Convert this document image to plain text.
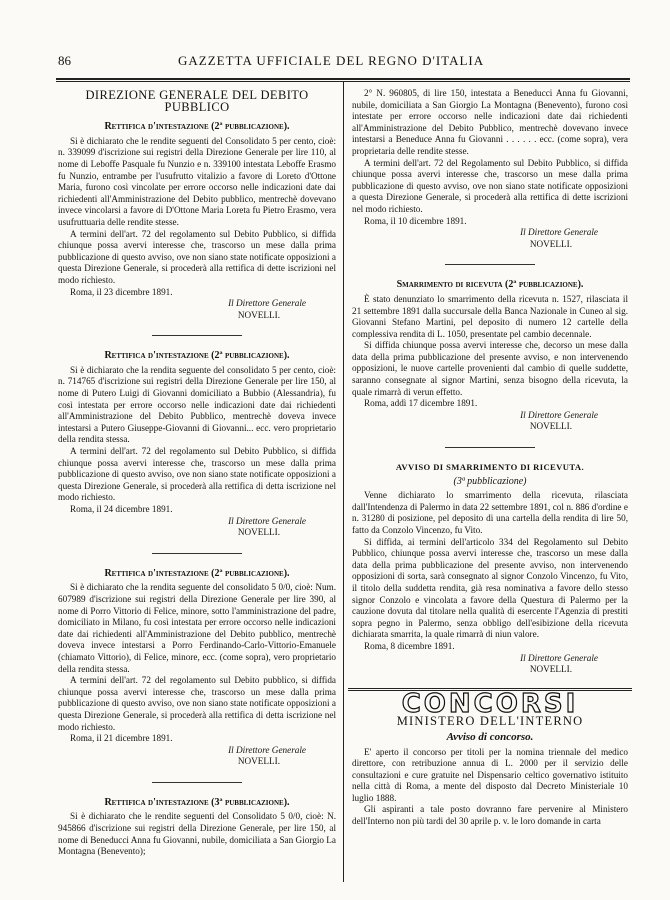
86	GAZZETTA UFFICIALE DEL REGNO D'ITALIA
DIREZIONE GENERALE DEL DEBITO PUBBLICO
Rettifica d'intestazione (2ª pubblicazione).

Si è dichiarato che le rendite seguenti del Consolidato 5 per cento, cioè: n. 339099 d'iscrizione sui registri della Direzione Generale per lire 110, al nome di Leboffe Pasquale fu Nunzio e n. 339100 intestata Leboffe Erasmo fu Nunzio, entrambe per l'usufrutto vitalizio a favore di Loreto d'Ottone Maria, furono così vincolate per errore occorso nelle indicazioni date dai richiedenti all'Amministrazione del Debito pubblico, mentrechè dovevano invece vincolarsi a favore di D'Ottone Maria Loreta fu Pietro Erasmo, vera usufruttuaria delle rendite stesse.

A termini dell'art. 72 del regolamento sul Debito Pubblico, si diffida chiunque possa avervi interesse che, trascorso un mese dalla prima pubblicazione di questo avviso, ove non siano state notificate opposizioni a questa Direzione Generale, si procederà alla rettifica di dette iscrizioni nel modo richiesto.

Roma, il 23 dicembre 1891.

Il Direttore Generale
NOVELLI.
Rettifica d'intestazione (2ª pubblicazione).

Si è dichiarato che la rendita seguente del consolidato 5 per cento, cioè: n. 714765 d'iscrizione sui registri della Direzione Generale per lire 150, al nome di Putero Luigi di Giovanni domiciliato a Bubbio (Alessandria), fu così intestata per errore occorso nelle indicazioni date dai richiedenti all'Amministrazione del Debito Pubblico, mentrechè doveva invece intestarsi a Putero Giuseppe-Giovanni di Giovanni... ecc. vero proprietario della rendita stessa.

A termini dell'art. 72 del regolamento sul Debito Pubblico, si diffida chiunque possa avervi interesse che, trascorso un mese dalla prima pubblicazione di questo avviso, ove non siano state notificate opposizioni a questa Direzione Generale, si procederà alla rettifica di detta iscrizione nel modo richiesto.

Roma, il 24 dicembre 1891.

Il Direttore Generale
NOVELLI.
Rettifica d'intestazione (2ª pubblicazione).

Si è dichiarato che la rendita seguente del consolidato 5 0/0, cioè: Num. 607989 d'iscrizione sui registri della Direzione Generale per lire 390, al nome di Porro Vittorio di Felice, minore, sotto l'amministrazione del padre, domiciliato in Milano, fu così intestata per errore occorso nelle indicazioni date dai richiedenti all'Amministrazione del Debito pubblico, mentrechè doveva invece intestarsi a Porro Ferdinando-Carlo-Vittorio-Emanuele (chiamato Vittorio), di Felice, minore, ecc. (come sopra), vero proprietario della rendita stessa.

A termini dell'art. 72 del regolamento sul Debito pubblico, si diffida chiunque possa avervi interesse che, trascorso un mese dalla prima pubblicazione di questo avviso, ove non siano state notificate opposizioni a questa Direzione Generale, si procederà alla rettifica di detta iscrizione nel modo richiesto.

Roma, il 21 dicembre 1891.

Il Direttore Generale
NOVELLI.
Rettifica d'intestazione (3ª pubblicazione).

Si è dichiarato che le rendite seguenti del Consolidato 5 0/0, cioè: N. 945866 d'iscrizione sui registri della Direzione Generale, per lire 150, al nome di Beneducci Anna fu Giovanni, nubile, domiciliata a San Giorgio La Montagna (Benevento);

2° N. 960805, di lire 150, intestata a Beneducci Anna fu Giovanni, nubile, domiciliata a San Giorgio La Montagna (Benevento), furono così intestate per errore occorso nelle indicazioni date dai richiedenti all'Amministrazione del Debito Pubblico, mentrechè dovevano invece intestarsi a Beneduce Anna fu Giovanni . . . . . . ecc. (come sopra), vera proprietaria delle rendite stesse.

A termini dell'art. 72 del Regolamento sul Debito Pubblico, si diffida chiunque possa avervi interesse che, trascorso un mese dalla prima pubblicazione di questo avviso, ove non siano state notificate opposizioni a questa Direzione Generale, si procederà alla rettifica di dette iscrizioni nel modo richiesto.

Roma, il 10 dicembre 1891.

Il Direttore Generale
NOVELLI.
Smarrimento di ricevuta (2ª pubblicazione).

È stato denunziato lo smarrimento della ricevuta n. 1527, rilasciata il 21 settembre 1891 dalla succursale della Banca Nazionale in Cuneo al sig. Giovanni Stefano Martini, pel deposito di numero 12 cartelle della complessiva rendita di L. 1050, presentate pel cambio decennale.

Si diffida chiunque possa avervi interesse che, decorso un mese dalla data della prima pubblicazione del presente avviso, e non intervenendo opposizioni, le nuove cartelle provenienti dal cambio di quelle suddette, saranno consegnate al signor Martini, senza bisogno della ricevuta, la quale rimarrà di verun effetto.

Roma, addì 17 dicembre 1891.

Il Direttore Generale
NOVELLI.
AVVISO DI SMARRIMENTO DI RICEVUTA.
(3ª pubblicazione)

Venne dichiarato lo smarrimento della ricevuta, rilasciata dall'Intendenza di Palermo in data 22 settembre 1891, col n. 886 d'ordine e n. 31280 di posizione, pel deposito di una cartella della rendita di lire 50, fatto da Conzolo Vincenzo, fu Vito.

Si diffida, ai termini dell'articolo 334 del Regolamento sul Debito Pubblico, chiunque possa avervi interesse che, trascorso un mese dalla data della prima pubblicazione del presente avviso, non intervenendo opposizioni di sorta, sarà consegnato al signor Conzolo Vincenzo, fu Vito, il titolo della suddetta rendita, già resa nominativa a favore dello stesso signor Conzolo e vincolata a favore della Questura di Palermo per la cauzione dovuta dal titolare nella qualità di esercente l'Agenzia di prestiti sopra pegno in Palermo, senza obbligo dell'esibizione della ricevuta dichiarata smarrita, la quale rimarrà di niun valore.

Roma, 8 dicembre 1891.

Il Direttore Generale
NOVELLI.
CONCORSI
MINISTERO DELL'INTERNO
Avviso di concorso.

E' aperto il concorso per titoli per la nomina triennale del medico direttore, con retribuzione annua di L. 2000 per il servizio delle consultazioni e cure gratuite nel Dispensario celtico governativo istituito nella città di Roma, a mente del disposto dal Decreto Ministeriale 10 luglio 1888.

Gli aspiranti a tale posto dovranno fare pervenire al Ministero dell'Interno non più tardi del 30 aprile p. v. le loro domande in carta
